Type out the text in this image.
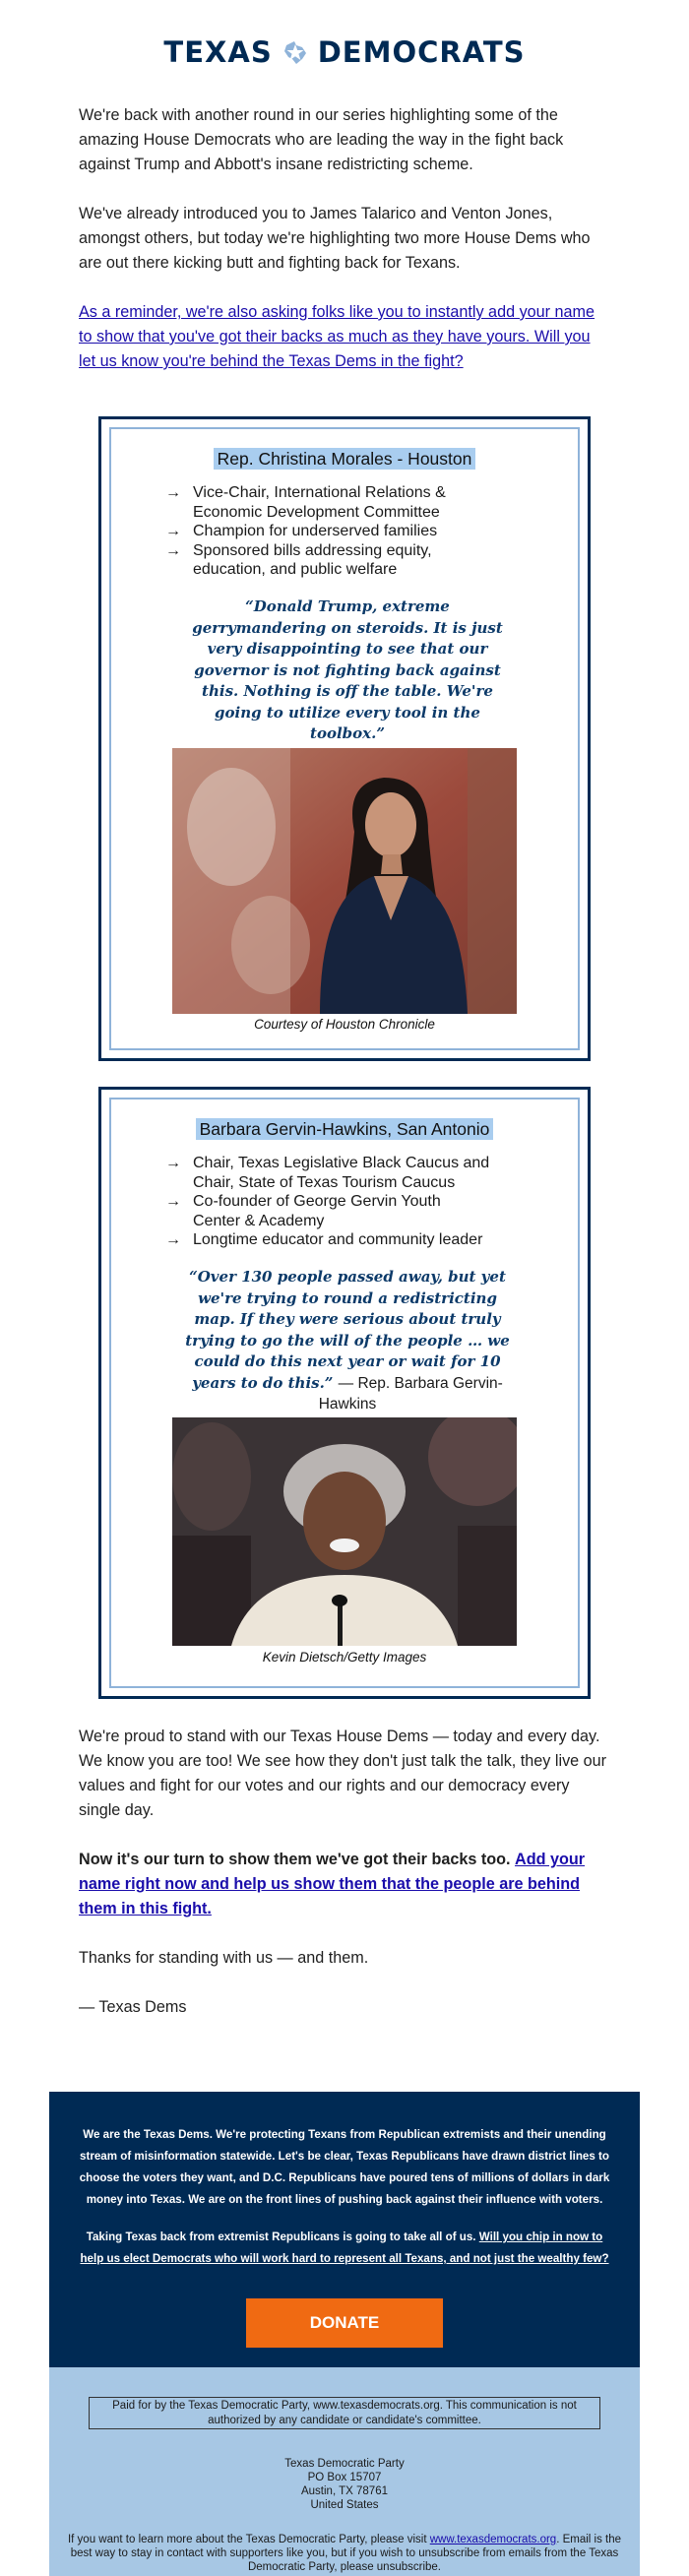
TEXAS DEMOCRATS

We're back with another round in our series highlighting some of the amazing House Democrats who are leading the way in the fight back against Trump and Abbott's insane redistricting scheme.

We've already introduced you to James Talarico and Venton Jones, amongst others, but today we're highlighting two more House Dems who are out there kicking butt and fighting back for Texans.

As a reminder, we're also asking folks like you to instantly add your name to show that you've got their backs as much as they have yours. Will you let us know you're behind the Texas Dems in the fight?

Rep. Christina Morales - Houston
→ Vice-Chair, International Relations & Economic Development Committee
→ Champion for underserved families
→ Sponsored bills addressing equity, education, and public welfare
“Donald Trump, extreme gerrymandering on steroids. It is just very disappointing to see that our governor is not fighting back against this. Nothing is off the table. We're going to utilize every tool in the toolbox.”

Courtesy of Houston Chronicle
Barbara Gervin-Hawkins, San Antonio
→ Chair, Texas Legislative Black Caucus and Chair, State of Texas Tourism Caucus
→ Co-founder of George Gervin Youth Center & Academy
→ Longtime educator and community leader
“Over 130 people passed away, but yet we're trying to round a redistricting map. If they were serious about truly trying to go the will of the people … we could do this next year or wait for 10 years to do this.” — Rep. Barbara Gervin-Hawkins
Kevin Dietsch/Getty Images

We're proud to stand with our Texas House Dems — today and every day. We know you are too! We see how they don't just talk the talk, they live our values and fight for our votes and our rights and our democracy every single day.

Now it's our turn to show them we've got their backs too. Add your name right now and help us show them that the people are behind them in this fight.

Thanks for standing with us — and them.

— Texas Dems

We are the Texas Dems. We're protecting Texans from Republican extremists and their unending stream of misinformation statewide. Let's be clear, Texas Republicans have drawn district lines to choose the voters they want, and D.C. Republicans have poured tens of millions of dollars in dark money into Texas. We are on the front lines of pushing back against their influence with voters.

Taking Texas back from extremist Republicans is going to take all of us. Will you chip in now to help us elect Democrats who will work hard to represent all Texans, and not just the wealthy few?

DONATE
Paid for by the Texas Democratic Party, www.texasdemocrats.org. This communication is not authorized by any candidate or candidate's committee.
Texas Democratic Party
PO Box 15707
Austin, TX 78761
United States
If you want to learn more about the Texas Democratic Party, please visit www.texasdemocrats.org. Email is the best way to stay in contact with supporters like you, but if you wish to unsubscribe from emails from the Texas Democratic Party, please unsubscribe.
